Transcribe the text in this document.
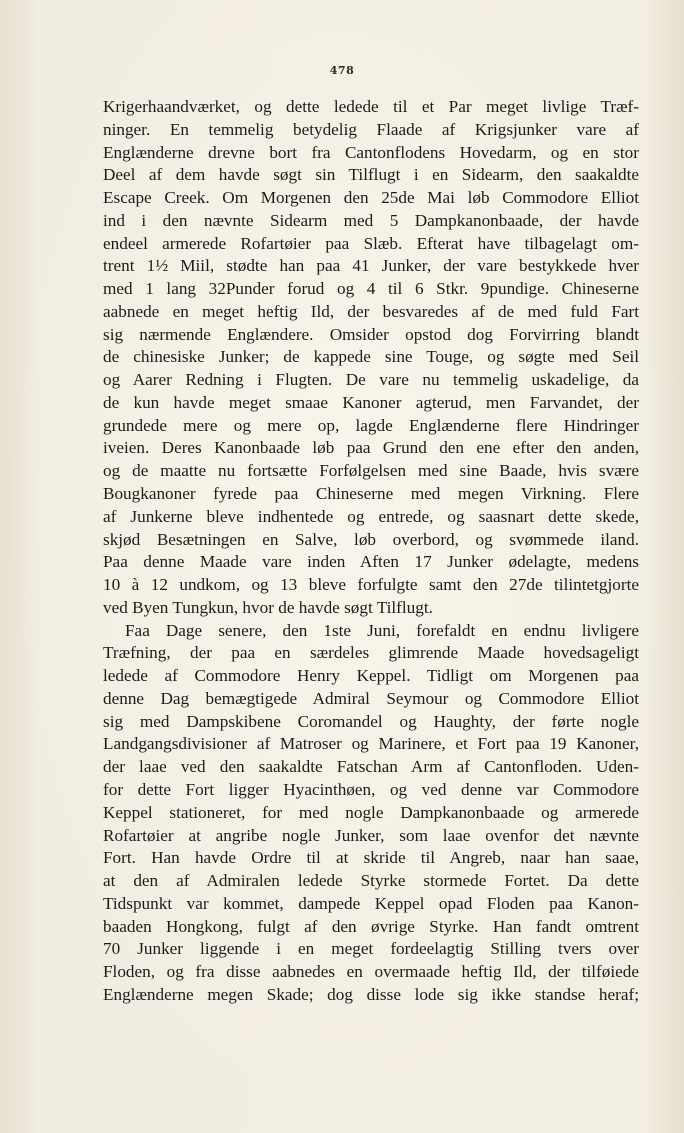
478
Krigerhaandværket, og dette ledede til et Par meget livlige Træf-
ninger. En temmelig betydelig Flaade af Krigsjunker vare af
Englænderne drevne bort fra Cantonflodens Hovedarm, og en stor
Deel af dem havde søgt sin Tilflugt i en Sidearm, den saakaldte
Escape Creek. Om Morgenen den 25de Mai løb Commodore Elliot
ind i den nævnte Sidearm med 5 Dampkanonbaade, der havde
endeel armerede Rofartøier paa Slæb. Efterat have tilbagelagt om-
trent 1½ Miil, stødte han paa 41 Junker, der vare bestykkede hver
med 1 lang 32Punder forud og 4 til 6 Stkr. 9pundige. Chineserne
aabnede en meget heftig Ild, der besvaredes af de med fuld Fart
sig nærmende Englændere. Omsider opstod dog Forvirring blandt
de chinesiske Junker; de kappede sine Touge, og søgte med Seil
og Aarer Redning i Flugten. De vare nu temmelig uskadelige, da
de kun havde meget smaae Kanoner agterud, men Farvandet, der
grundede mere og mere op, lagde Englænderne flere Hindringer
iveien. Deres Kanonbaade løb paa Grund den ene efter den anden,
og de maatte nu fortsætte Forfølgelsen med sine Baade, hvis svære
Bougkanoner fyrede paa Chineserne med megen Virkning. Flere
af Junkerne bleve indhentede og entrede, og saasnart dette skede,
skjød Besætningen en Salve, løb overbord, og svømmede iland.
Paa denne Maade vare inden Aften 17 Junker ødelagte, medens
10 à 12 undkom, og 13 bleve forfulgte samt den 27de tilintetgjorte
ved Byen Tungkun, hvor de havde søgt Tilflugt.
Faa Dage senere, den 1ste Juni, forefaldt en endnu livligere
Træfning, der paa en særdeles glimrende Maade hovedsageligt
ledede af Commodore Henry Keppel. Tidligt om Morgenen paa
denne Dag bemægtigede Admiral Seymour og Commodore Elliot
sig med Dampskibene Coromandel og Haughty, der førte nogle
Landgangsdivisioner af Matroser og Marinere, et Fort paa 19 Kanoner,
der laae ved den saakaldte Fatschan Arm af Cantonfloden. Uden-
for dette Fort ligger Hyacinthøen, og ved denne var Commodore
Keppel stationeret, for med nogle Dampkanonbaade og armerede
Rofartøier at angribe nogle Junker, som laae ovenfor det nævnte
Fort. Han havde Ordre til at skride til Angreb, naar han saae,
at den af Admiralen ledede Styrke stormede Fortet. Da dette
Tidspunkt var kommet, dampede Keppel opad Floden paa Kanon-
baaden Hongkong, fulgt af den øvrige Styrke. Han fandt omtrent
70 Junker liggende i en meget fordeelagtig Stilling tvers over
Floden, og fra disse aabnedes en overmaade heftig Ild, der tilføiede
Englænderne megen Skade; dog disse lode sig ikke standse heraf;
